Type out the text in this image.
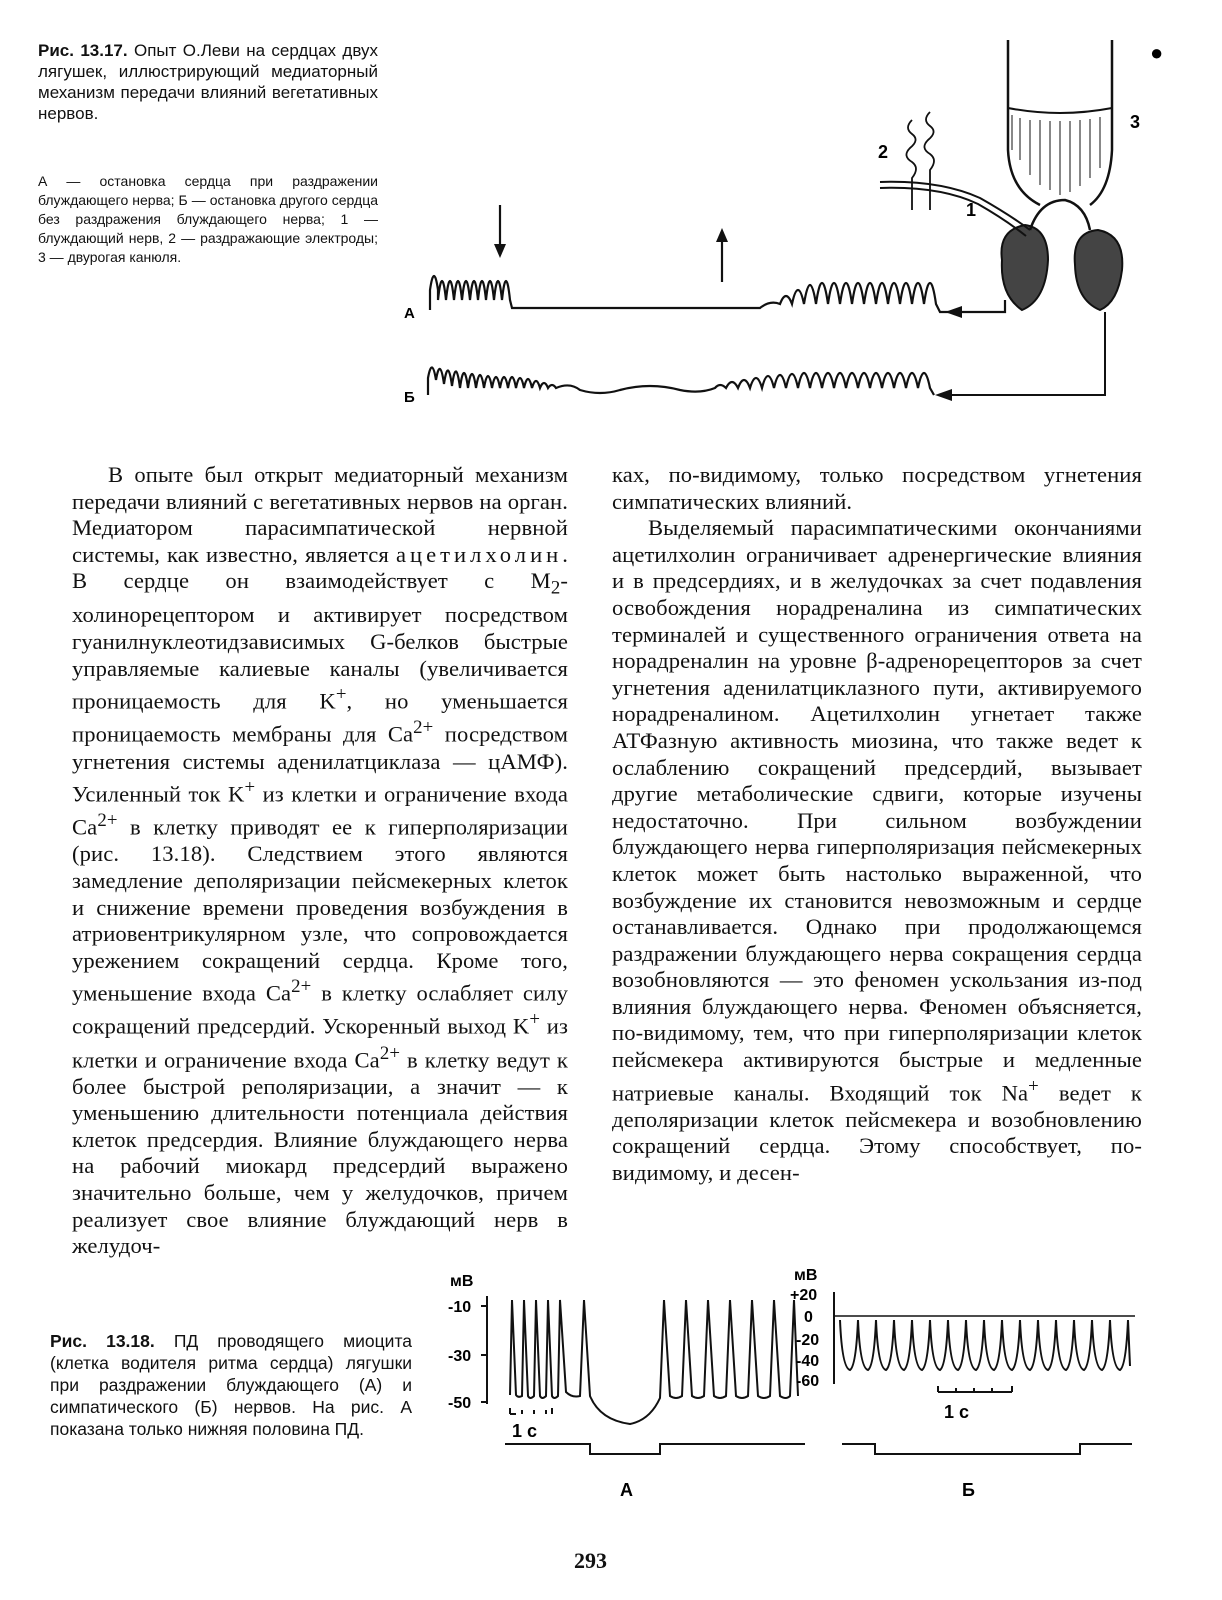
Рис. 13.17. Опыт О.Леви на сердцах двух лягушек, иллюстрирующий медиаторный механизм передачи влияний вегетативных нервов.
А — остановка сердца при раздражении блуждающего нерва; Б — остановка другого сердца без раздражения блуждающего нерва; 1 — блуждающий нерв, 2 — раздражающие электроды; 3 — двурогая канюля.
●
2
1
3
А
Б

В опыте был открыт медиаторный механизм передачи влияний с вегетативных нервов на орган. Медиатором парасимпатической нервной системы, как известно, является ацетилхолин. В сердце он взаимодействует с $M_2$-холинорецептором и активирует посредством гуанилнуклеотидзависимых G-белков быстрые управляемые калиевые каналы (увеличивается проницаемость для K+, но уменьшается проницаемость мембраны для $Ca^{2+}$ посредством угнетения системы аденилатциклаза — цАМФ). Усиленный ток K+ из клетки и ограничение входа $Ca^{2+}$ в клетку приводят ее к гиперполяризации (рис. 13.18). Следствием этого являются замедление деполяризации пейсмекерных клеток и снижение времени проведения возбуждения в атриовентрикулярном узле, что сопровождается урежением сокращений сердца. Кроме того, уменьшение входа $Ca^{2+}$ в клетку ослабляет силу сокращений предсердий. Ускоренный выход K+ из клетки и ограничение входа $Ca^{2+}$ в клетку ведут к более быстрой реполяризации, а значит — к уменьшению длительности потенциала действия клеток предсердия. Влияние блуждающего нерва на рабочий миокард предсердий выражено значительно больше, чем у желудочков, причем реализует свое влияние блуждающий нерв в желудоч-

ках, по-видимому, только посредством угнетения симпатических влияний.

Выделяемый парасимпатическими окончаниями ацетилхолин ограничивает адренергические влияния и в предсердиях, и в желудочках за счет подавления освобождения норадреналина из симпатических терминалей и существенного ограничения ответа на норадреналин на уровне β-адренорецепторов за счет угнетения аденилатциклазного пути, активируемого норадреналином. Ацетилхолин угнетает также АТФазную активность миозина, что также ведет к ослаблению сокращений предсердий, вызывает другие метаболические сдвиги, которые изучены недостаточно. При сильном возбуждении блуждающего нерва гиперполяризация пейсмекерных клеток может быть настолько выраженной, что возбуждение их становится невозможным и сердце останавливается. Однако при продолжающемся раздражении блуждающего нерва сокращения сердца возобновляются — это феномен ускользания из-под влияния блуждающего нерва. Феномен объясняется, по-видимому, тем, что при гиперполяризации клеток пейсмекера активируются быстрые и медленные натриевые каналы. Входящий ток Na+ ведет к деполяризации клеток пейсмекера и возобновлению сокращений сердца. Этому способствует, по-видимому, и десен-

Рис. 13.18. ПД проводящего миоцита (клетка водителя ритма сердца) лягушки при раздражении блуждающего (А) и симпатического (Б) нервов. На рис. А показана только нижняя половина ПД.
мВ
-10
-30
-50
1 с
А
мВ
+20
0
-20
-40
-60
1 с
Б
293
